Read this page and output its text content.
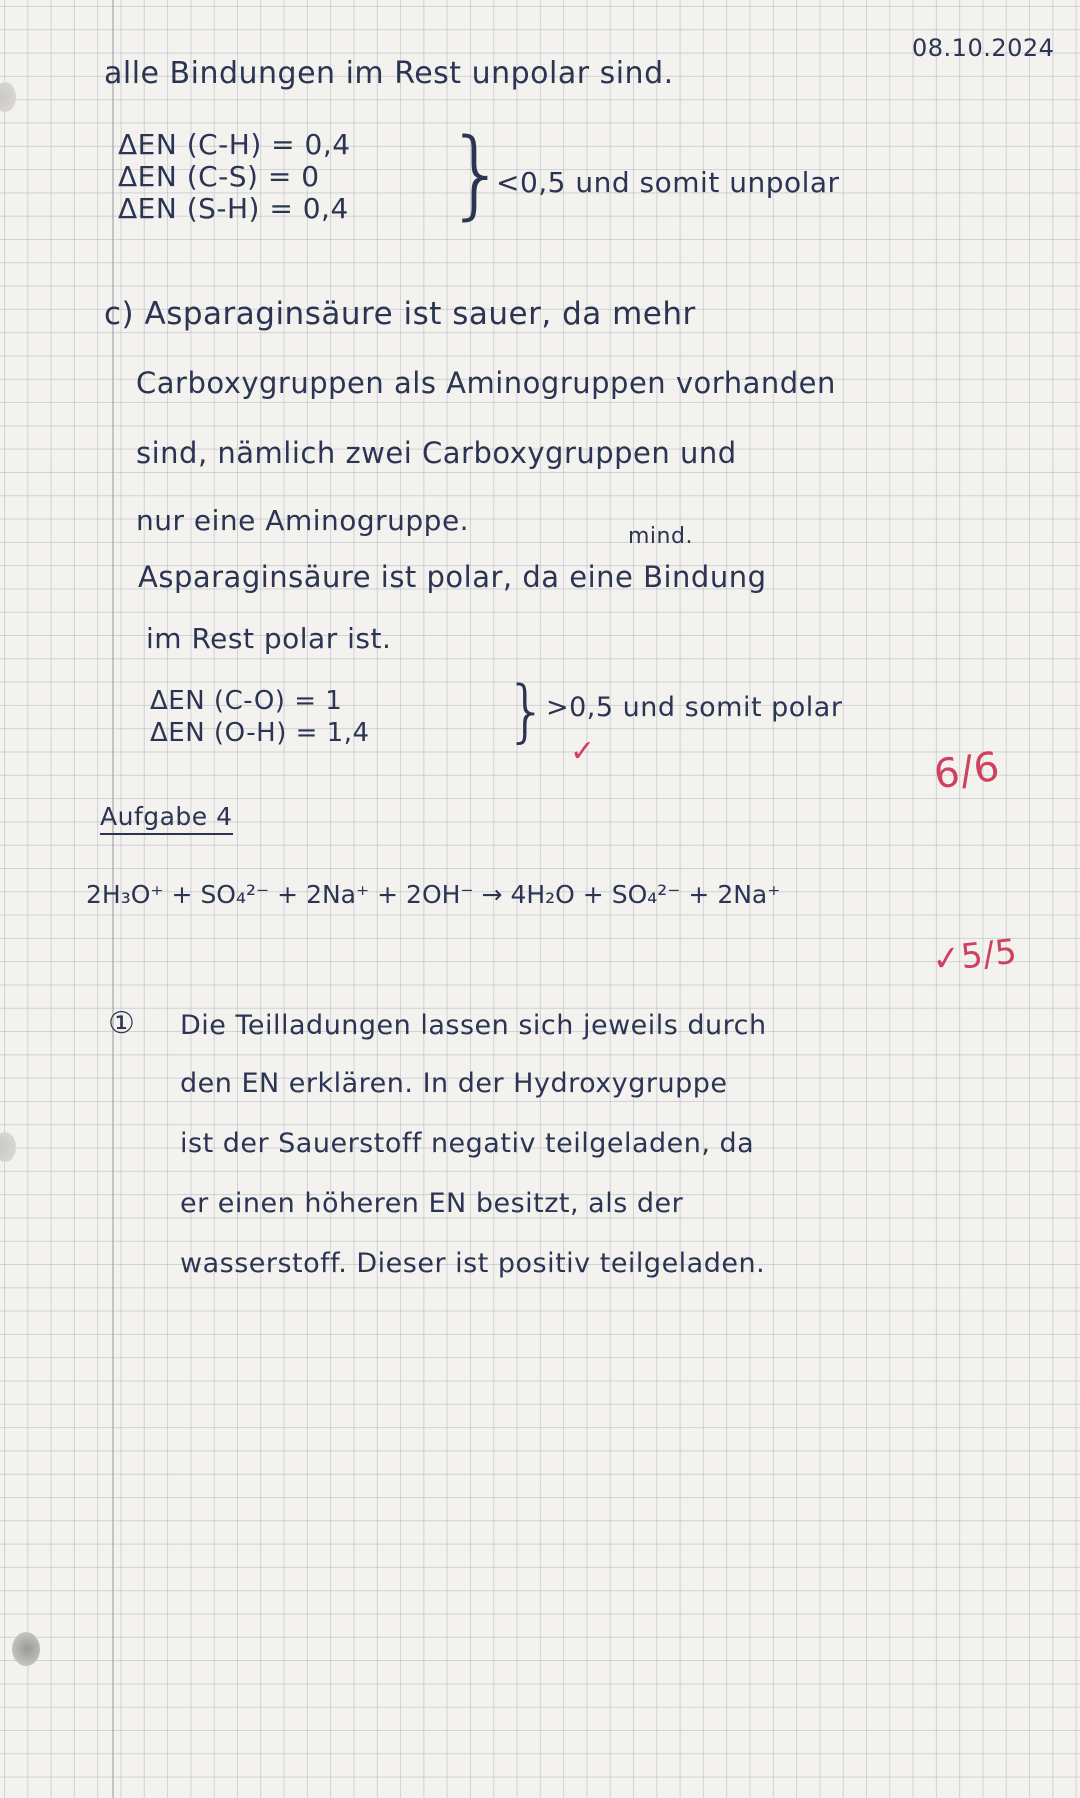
08.10.2024
alle Bindungen im Rest unpolar sind.
ΔEN (C-H) = 0,4
ΔEN (C-S) = 0
ΔEN (S-H) = 0,4 }
<0,5 und somit unpolar
c) Asparaginsäure ist sauer, da mehr
Carboxygruppen als Aminogruppen vorhanden
sind, nämlich zwei Carboxygruppen und
nur eine Aminogruppe.	mind.
Asparaginsäure ist polar, da eine Bindung
im Rest polar ist.
ΔEN (C-O) = 1
ΔEN (O-H) = 1,4 }
>0,5 und somit polar
✓	6/6
Aufgabe 4
2H₃O⁺ + SO₄²⁻ + 2Na⁺ + 2OH⁻ → 4H₂O + SO₄²⁻ + 2Na⁺
✓5/5
① Die Teilladungen lassen sich jeweils durch
den EN erklären. In der Hydroxygruppe
ist der Sauerstoff negativ teilgeladen, da
er einen höheren EN besitzt, als der
wasserstoff. Dieser ist positiv teilgeladen.
